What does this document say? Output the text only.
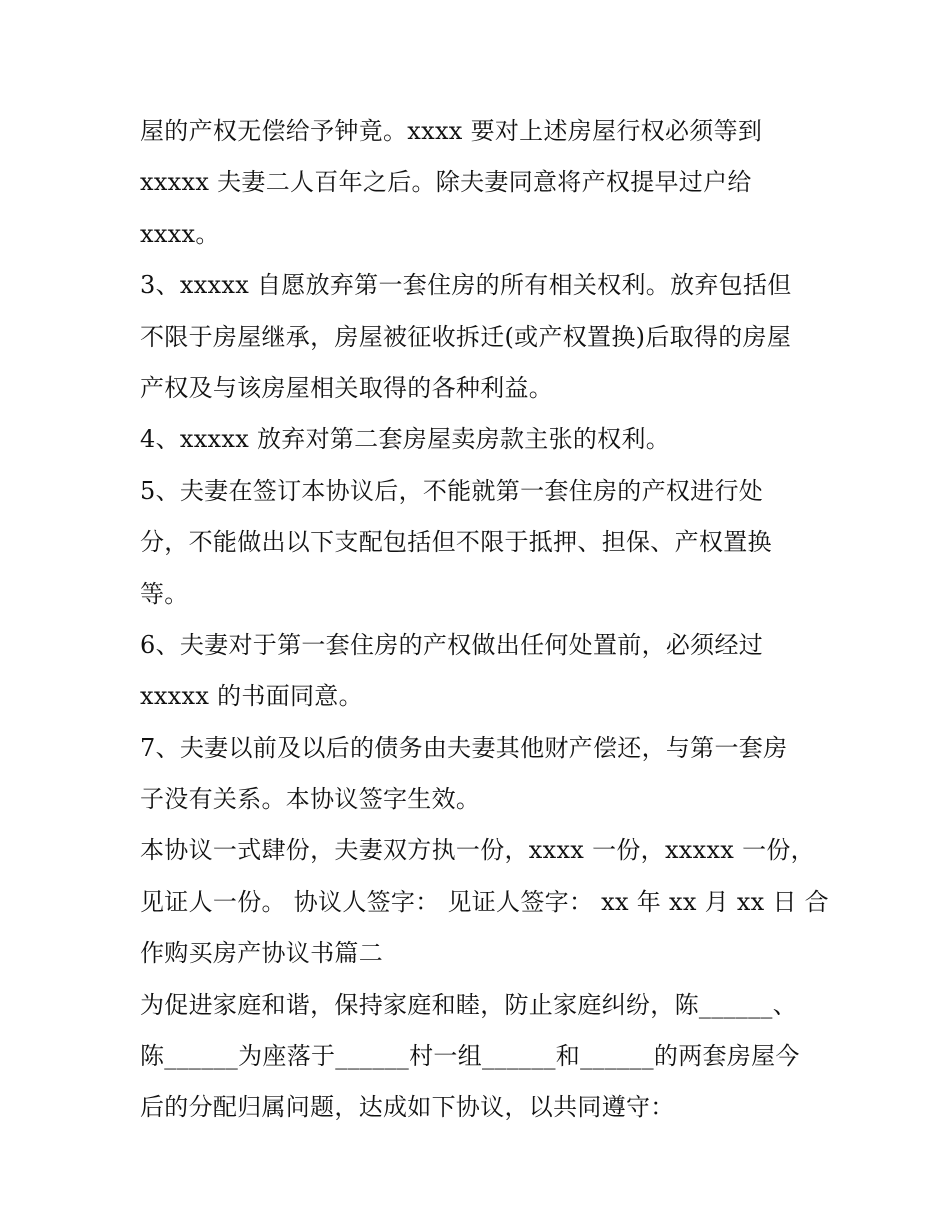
屋的产权无偿给予钟竟。xxxx 要对上述房屋行权必须等到
xxxxx 夫妻二人百年之后。除夫妻同意将产权提早过户给
xxxx。
3、xxxxx 自愿放弃第一套住房的所有相关权利。放弃包括但
不限于房屋继承，房屋被征收拆迁(或产权置换)后取得的房屋
产权及与该房屋相关取得的各种利益。
4、xxxxx 放弃对第二套房屋卖房款主张的权利。
5、夫妻在签订本协议后，不能就第一套住房的产权进行处
分，不能做出以下支配包括但不限于抵押、担保、产权置换
等。
6、夫妻对于第一套住房的产权做出任何处置前，必须经过
xxxxx 的书面同意。
7、夫妻以前及以后的债务由夫妻其他财产偿还，与第一套房
子没有关系。本协议签字生效。
本协议一式肆份，夫妻双方执一份，xxxx 一份，xxxxx 一份，
见证人一份。 协议人签字： 见证人签字： xx 年 xx 月 xx 日 合
作购买房产协议书篇二
为促进家庭和谐，保持家庭和睦，防止家庭纠纷，陈______、
陈______为座落于______村一组______和______的两套房屋今
后的分配归属问题，达成如下协议，以共同遵守：
